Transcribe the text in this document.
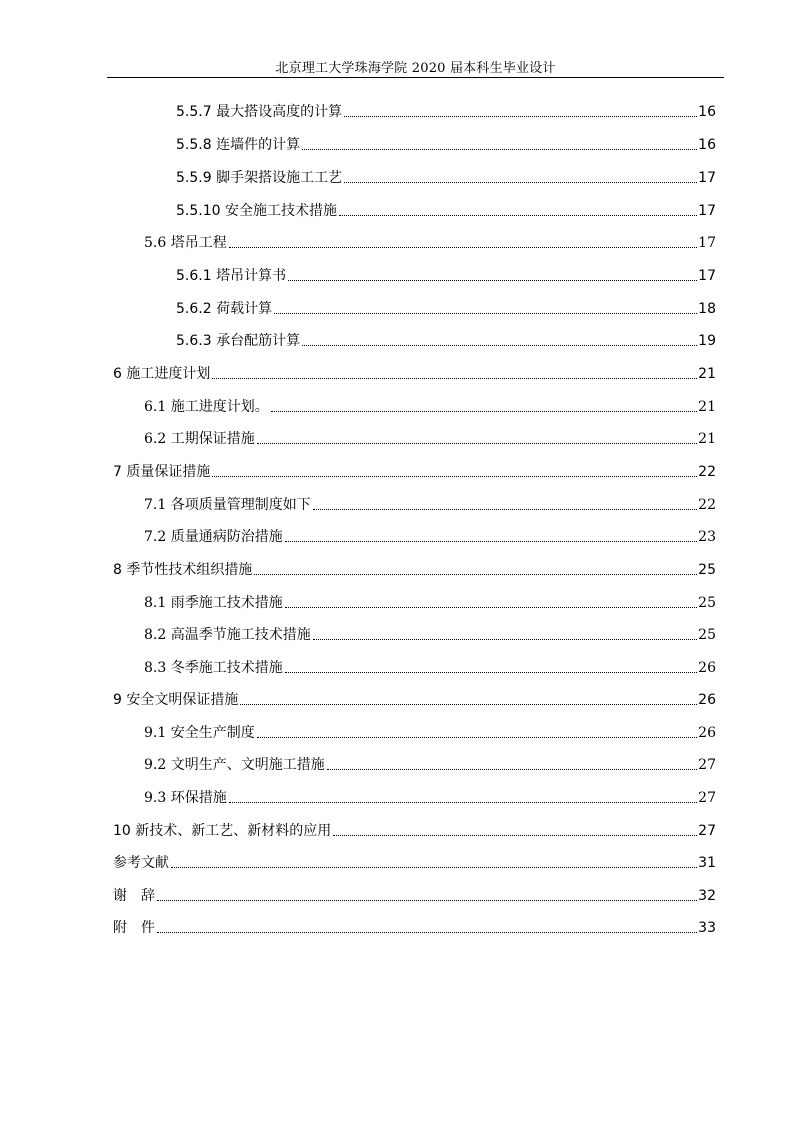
北京理工大学珠海学院 2020 届本科生毕业设计
5.5.7 最大搭设高度的计算	16
5.5.8 连墙件的计算	16
5.5.9 脚手架搭设施工工艺	17
5.5.10 安全施工技术措施	17
5.6 塔吊工程	17
5.6.1 塔吊计算书	17
5.6.2 荷载计算	18
5.6.3 承台配筋计算	19
6 施工进度计划	21
6.1 施工进度计划。	21
6.2 工期保证措施	21
7 质量保证措施	22
7.1 各项质量管理制度如下	22
7.2 质量通病防治措施	23
8 季节性技术组织措施	25
8.1 雨季施工技术措施	25
8.2 高温季节施工技术措施	25
8.3 冬季施工技术措施	26
9 安全文明保证措施	26
9.1 安全生产制度	26
9.2 文明生产、文明施工措施	27
9.3 环保措施	27
10 新技术、新工艺、新材料的应用	27
参考文献	31
谢　辞	32
附　件	33
